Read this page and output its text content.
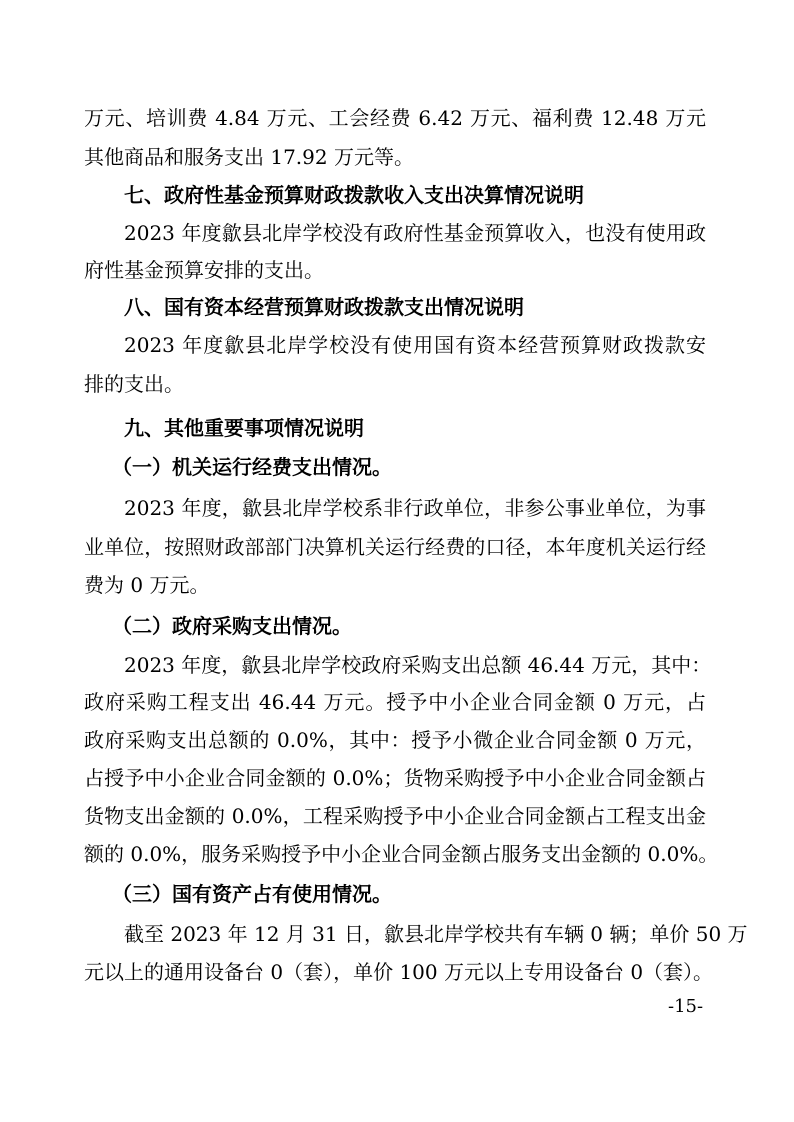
万元、培训费 4.84 万元、工会经费 6.42 万元、福利费 12.48 万元
其他商品和服务支出 17.92 万元等。
七、政府性基金预算财政拨款收入支出决算情况说明
2023 年度歙县北岸学校没有政府性基金预算收入，也没有使用政
府性基金预算安排的支出。
八、国有资本经营预算财政拨款支出情况说明
2023 年度歙县北岸学校没有使用国有资本经营预算财政拨款安
排的支出。
九、其他重要事项情况说明
（一）机关运行经费支出情况。
2023 年度，歙县北岸学校系非行政单位，非参公事业单位，为事
业单位，按照财政部部门决算机关运行经费的口径，本年度机关运行经
费为 0 万元。
（二）政府采购支出情况。
2023 年度，歙县北岸学校政府采购支出总额 46.44 万元，其中：
政府采购工程支出 46.44 万元。授予中小企业合同金额 0 万元，占
政府采购支出总额的 0.0%，其中：授予小微企业合同金额 0 万元，
占授予中小企业合同金额的 0.0%；货物采购授予中小企业合同金额占
货物支出金额的 0.0%，工程采购授予中小企业合同金额占工程支出金
额的 0.0%，服务采购授予中小企业合同金额占服务支出金额的 0.0%。
（三）国有资产占有使用情况。
截至 2023 年 12 月 31 日，歙县北岸学校共有车辆 0 辆；单价 50 万
元以上的通用设备台 0（套），单价 100 万元以上专用设备台 0（套）。
-15-
